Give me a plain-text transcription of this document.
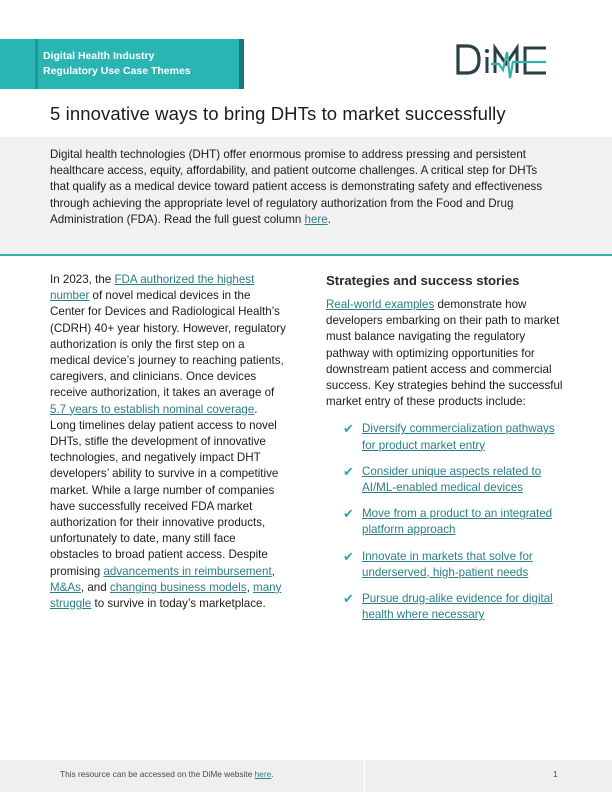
Digital Health Industry
Regulatory Use Case Themes
5 innovative ways to bring DHTs to market successfully

Digital health technologies (DHT) offer enormous promise to address pressing and persistent healthcare access, equity, affordability, and patient outcome challenges. A critical step for DHTs that qualify as a medical device toward patient access is demonstrating safety and effectiveness through achieving the appropriate level of regulatory authorization from the Food and Drug Administration (FDA). Read the full guest column here.

In 2023, the FDA authorized the highest number of novel medical devices in the Center for Devices and Radiological Health’s (CDRH) 40+ year history. However, regulatory authorization is only the first step on a medical device’s journey to reaching patients, caregivers, and clinicians. Once devices receive authorization, it takes an average of 5.7 years to establish nominal coverage. Long timelines delay patient access to novel DHTs, stifle the development of innovative technologies, and negatively impact DHT developers’ ability to survive in a competitive market. While a large number of companies have successfully received FDA market authorization for their innovative products, unfortunately to date, many still face obstacles to broad patient access. Despite promising advancements in reimbursement, M&As, and changing business models, many struggle to survive in today’s marketplace.

Strategies and success stories

Real-world examples demonstrate how developers embarking on their path to market must balance navigating the regulatory pathway with optimizing opportunities for downstream patient access and commercial success. Key strategies behind the successful market entry of these products include:

✔ Diversify commercialization pathways for product market entry
✔ Consider unique aspects related to AI/ML-enabled medical devices
✔ Move from a product to an integrated platform approach
✔ Innovate in markets that solve for underserved, high-patient needs
✔ Pursue drug-alike evidence for digital health where necessary
This resource can be accessed on the DiMe website here.	1
